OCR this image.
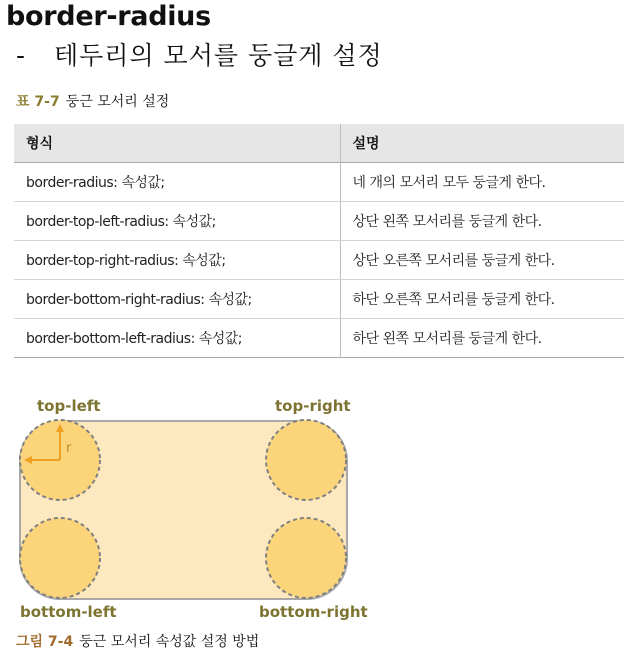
border-radius

- 테두리의 모서를 둥글게 설정

표 7-7 둥근 모서리 설정
형식	설명
border-radius: 속성값;	네 개의 모서리 모두 둥글게 한다.
border-top-left-radius: 속성값;	상단 왼쪽 모서리를 둥글게 한다.
border-top-right-radius: 속성값;	상단 오른쪽 모서리를 둥글게 한다.
border-bottom-right-radius: 속성값;	하단 오른쪽 모서리를 둥글게 한다.
border-bottom-left-radius: 속성값;	하단 왼쪽 모서리를 둥글게 한다.
r
top-left	top-right
bottom-left	bottom-right
그림 7-4 둥근 모서리 속성값 설정 방법
